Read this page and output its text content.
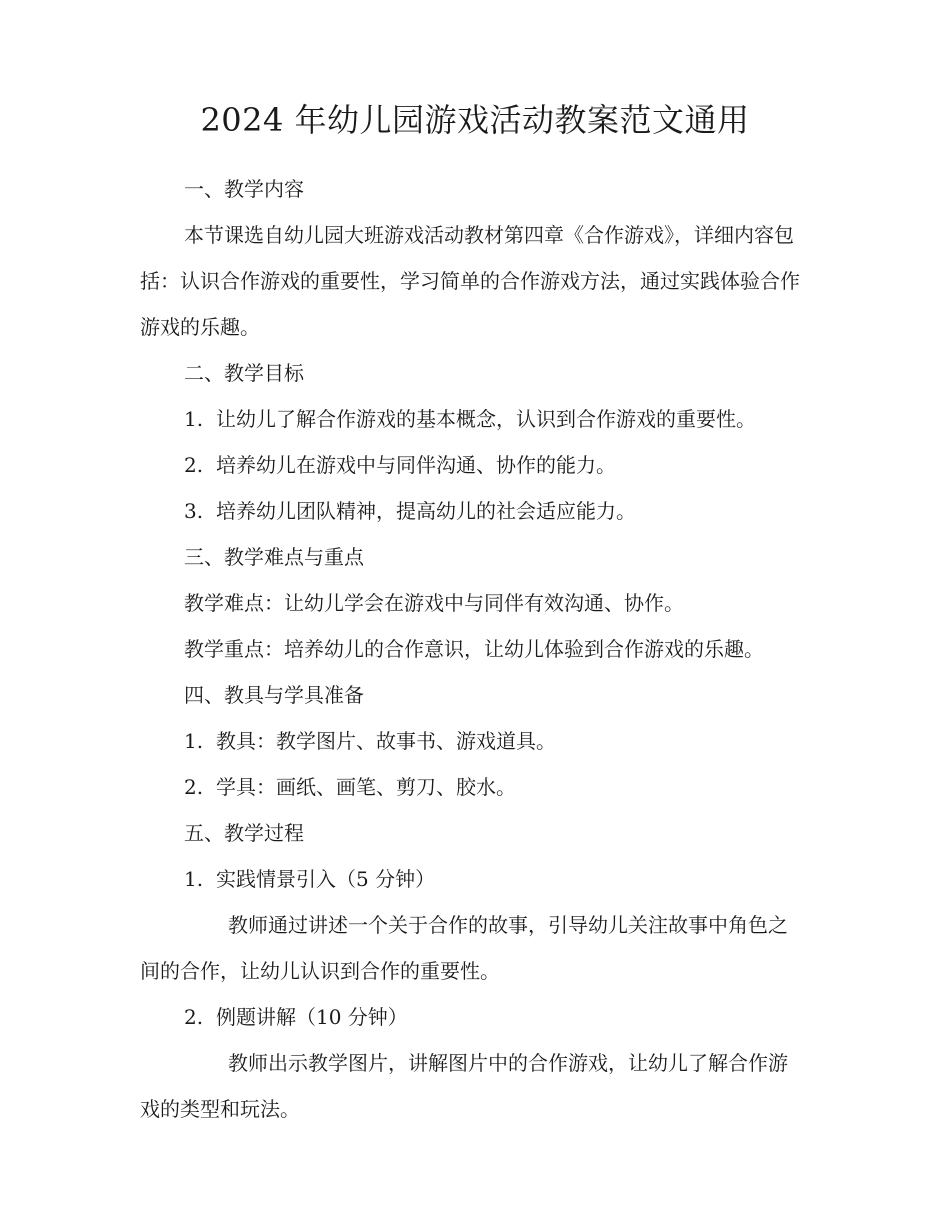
2024 年幼儿园游戏活动教案范文通用

一、教学内容

本节课选自幼儿园大班游戏活动教材第四章《合作游戏》，详细内容包括：认识合作游戏的重要性，学习简单的合作游戏方法，通过实践体验合作游戏的乐趣。

二、教学目标

1. 让幼儿了解合作游戏的基本概念，认识到合作游戏的重要性。

2. 培养幼儿在游戏中与同伴沟通、协作的能力。

3. 培养幼儿团队精神，提高幼儿的社会适应能力。

三、教学难点与重点

教学难点：让幼儿学会在游戏中与同伴有效沟通、协作。

教学重点：培养幼儿的合作意识，让幼儿体验到合作游戏的乐趣。

四、教具与学具准备

1. 教具：教学图片、故事书、游戏道具。

2. 学具：画纸、画笔、剪刀、胶水。

五、教学过程

1. 实践情景引入（5 分钟）

教师通过讲述一个关于合作的故事，引导幼儿关注故事中角色之间的合作，让幼儿认识到合作的重要性。

2. 例题讲解（10 分钟）

教师出示教学图片，讲解图片中的合作游戏，让幼儿了解合作游戏的类型和玩法。
